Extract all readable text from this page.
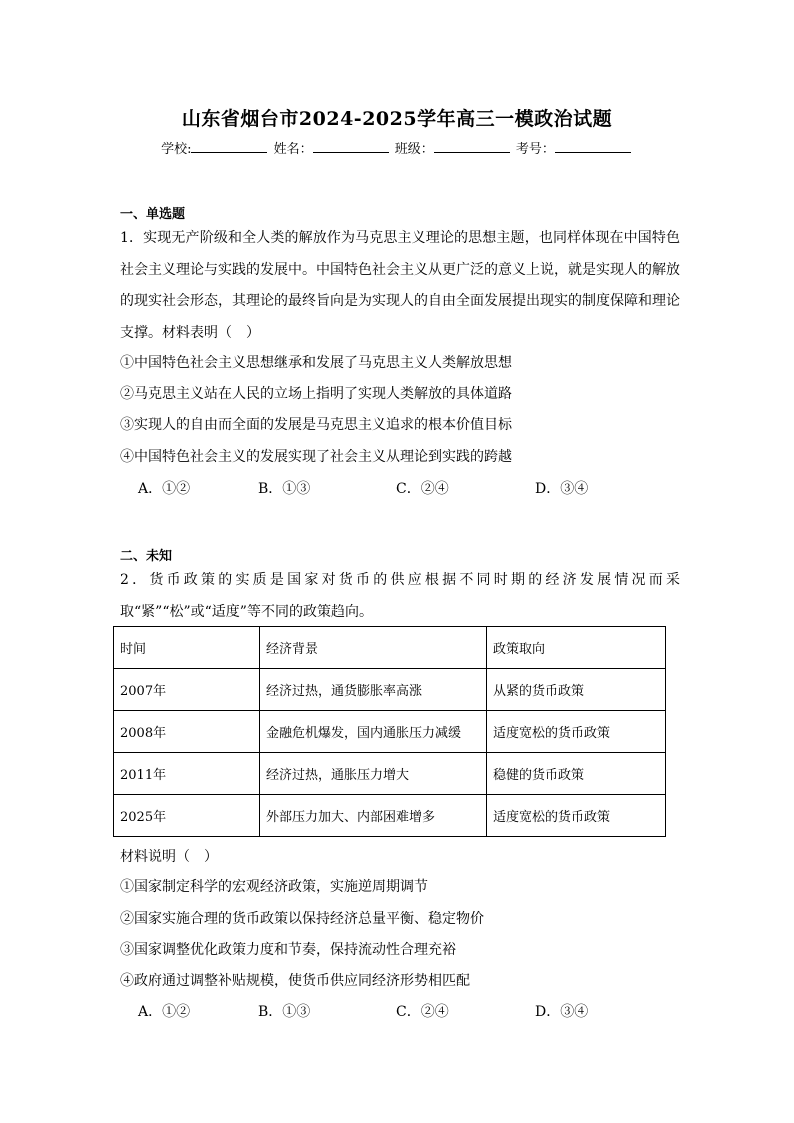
山东省烟台市2024-2025学年高三一模政治试题
学校:	姓名：	班级：	考号：
一、单选题
1．实现无产阶级和全人类的解放作为马克思主义理论的思想主题，也同样体现在中国特色社会主义理论与实践的发展中。中国特色社会主义从更广泛的意义上说，就是实现人的解放的现实社会形态，其理论的最终旨向是为实现人的自由全面发展提出现实的制度保障和理论支撑。材料表明（　）
①中国特色社会主义思想继承和发展了马克思主义人类解放思想
②马克思主义站在人民的立场上指明了实现人类解放的具体道路
③实现人的自由而全面的发展是马克思主义追求的根本价值目标
④中国特色社会主义的发展实现了社会主义从理论到实践的跨越
A．①②	B．①③	C．②④	D．③④
二、未知
2．货币政策的实质是国家对货币的供应根据不同时期的经济发展情况而采取“紧”“松”或“适度”等不同的政策趋向。
时间	经济背景	政策取向
2007年	经济过热，通货膨胀率高涨	从紧的货币政策
2008年	金融危机爆发，国内通胀压力减缓	适度宽松的货币政策
2011年	经济过热，通胀压力增大	稳健的货币政策
2025年	外部压力加大、内部困难增多	适度宽松的货币政策
材料说明（　）
①国家制定科学的宏观经济政策，实施逆周期调节
②国家实施合理的货币政策以保持经济总量平衡、稳定物价
③国家调整优化政策力度和节奏，保持流动性合理充裕
④政府通过调整补贴规模，使货币供应同经济形势相匹配
A．①②	B．①③	C．②④	D．③④
